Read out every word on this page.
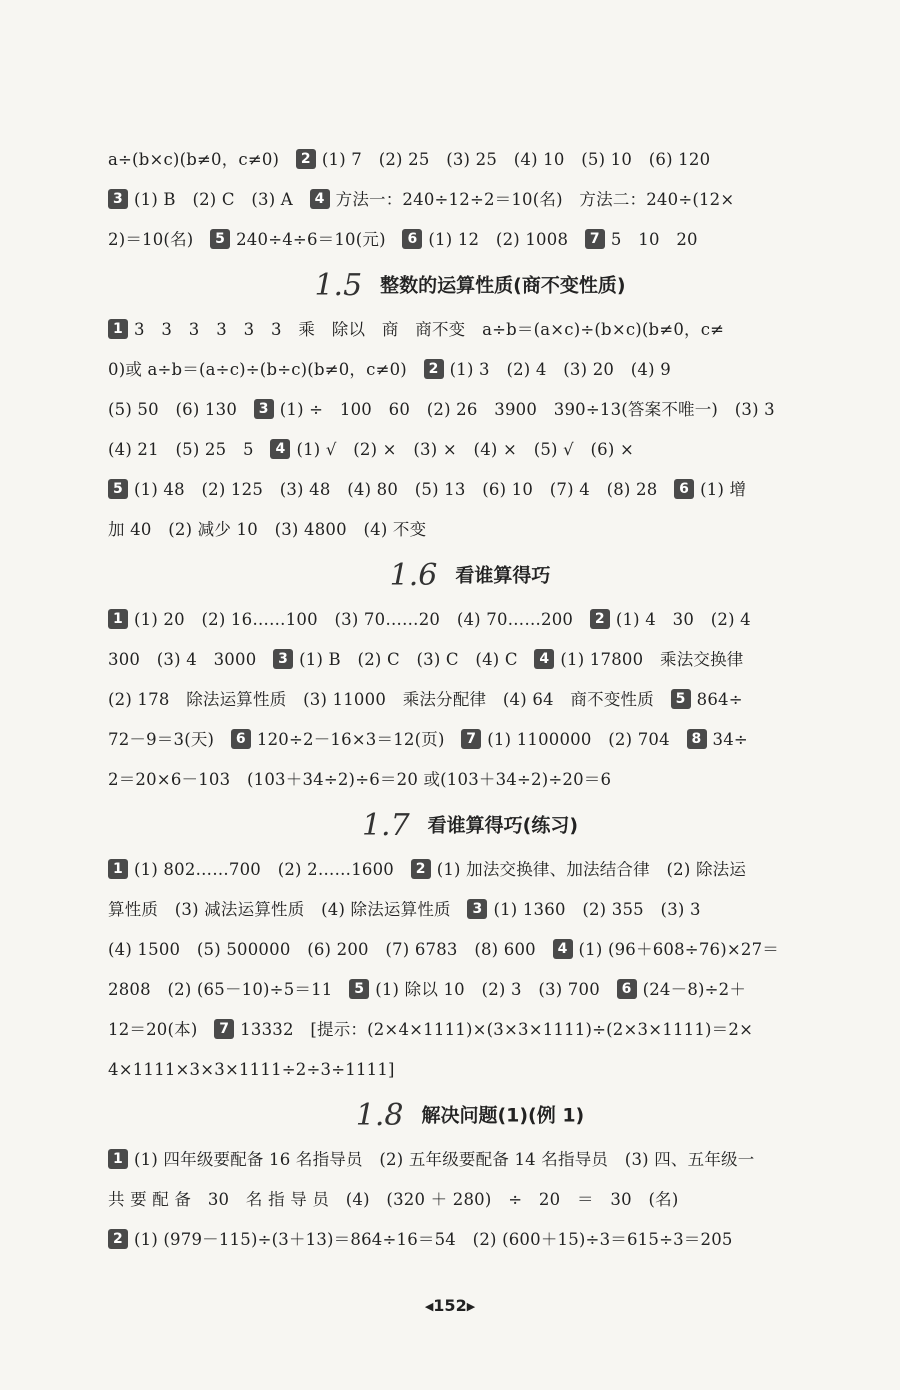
a÷(b×c)(b≠0，c≠0)　2 (1) 7　(2) 25　(3) 25　(4) 10　(5) 10　(6) 120
3 (1) B　(2) C　(3) A　4 方法一：240÷12÷2＝10(名)　方法二：240÷(12×
2)＝10(名)　5 240÷4÷6＝10(元)　6 (1) 12　(2) 1008　7 5　10　20
1.5 整数的运算性质(商不变性质)
1 3　3　3　3　3　3　乘　除以　商　商不变　a÷b＝(a×c)÷(b×c)(b≠0，c≠
0)或 a÷b＝(a÷c)÷(b÷c)(b≠0，c≠0)　2 (1) 3　(2) 4　(3) 20　(4) 9
(5) 50　(6) 130　3 (1) ÷　100　60　(2) 26　3900　390÷13(答案不唯一)　(3) 3
(4) 21　(5) 25　5　4 (1) √　(2) ×　(3) ×　(4) ×　(5) √　(6) ×
5 (1) 48　(2) 125　(3) 48　(4) 80　(5) 13　(6) 10　(7) 4　(8) 28　6 (1) 增
加 40　(2) 减少 10　(3) 4800　(4) 不变
1.6 看谁算得巧
1 (1) 20　(2) 16……100　(3) 70……20　(4) 70……200　2 (1) 4　30　(2) 4
300　(3) 4　3000　3 (1) B　(2) C　(3) C　(4) C　4 (1) 17800　乘法交换律
(2) 178　除法运算性质　(3) 11000　乘法分配律　(4) 64　商不变性质　5 864÷
72－9＝3(天)　6 120÷2－16×3＝12(页)　7 (1) 1100000　(2) 704　8 34÷
2＝20×6－103　(103＋34÷2)÷6＝20 或(103＋34÷2)÷20＝6
1.7 看谁算得巧(练习)
1 (1) 802……700　(2) 2……1600　2 (1) 加法交换律、加法结合律　(2) 除法运
算性质　(3) 减法运算性质　(4) 除法运算性质　3 (1) 1360　(2) 355　(3) 3
(4) 1500　(5) 500000　(6) 200　(7) 6783　(8) 600　4 (1) (96＋608÷76)×27＝
2808　(2) (65－10)÷5＝11　5 (1) 除以 10　(2) 3　(3) 700　6 (24－8)÷2＋
12＝20(本)　7 13332　[提示：(2×4×1111)×(3×3×1111)÷(2×3×1111)＝2×
4×1111×3×3×1111÷2÷3÷1111]
1.8 解决问题(1)(例 1)
1 (1) 四年级要配备 16 名指导员　(2) 五年级要配备 14 名指导员　(3) 四、五年级一
共 要 配 备　30　名 指 导 员　(4)　(320 ＋ 280)　÷　20　＝　30　(名)
2 (1) (979－115)÷(3＋13)＝864÷16＝54　(2) (600＋15)÷3＝615÷3＝205
◀152▶
